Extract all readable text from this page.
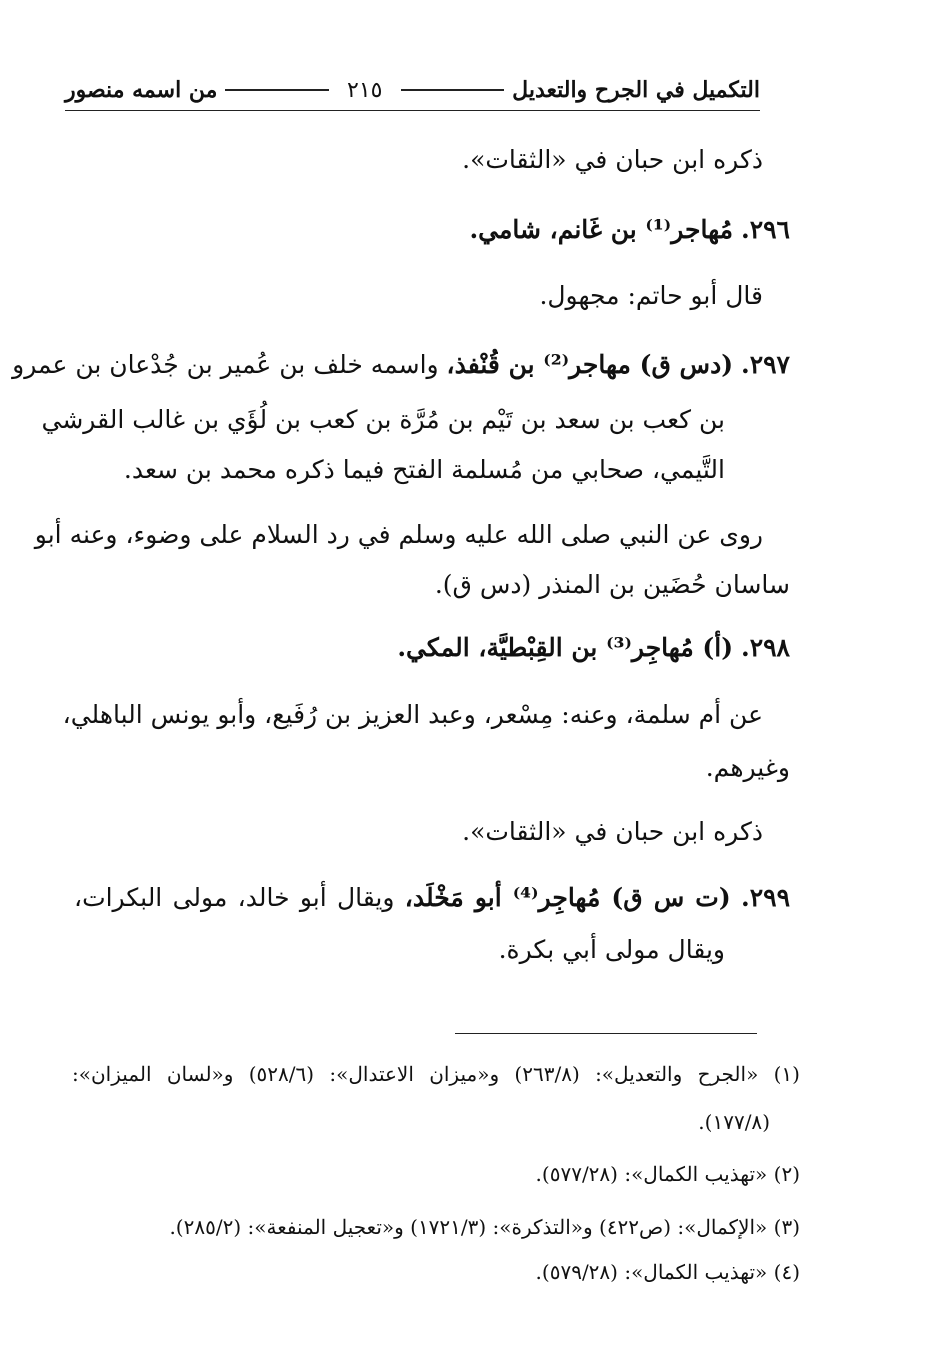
التكميل في الجرح والتعديل
٢١٥
من اسمه منصور
ذكره ابن حبان في «الثقات».
٢٩٦. مُهاجر⁽¹⁾ بن غَانم، شامي.
قال أبو حاتم: مجهول.
٢٩٧. (دس ق) مهاجر⁽²⁾ بن قُنْفذ، واسمه خلف بن عُمير بن جُدْعان بن عمرو
بن كعب بن سعد بن تَيْم بن مُرَّة بن كعب بن لُؤَي بن غالب القرشي
التَّيمي، صحابي من مُسلمة الفتح فيما ذكره محمد بن سعد.
روى عن النبي صلى الله عليه وسلم في رد السلام على وضوء، وعنه أبو
ساسان حُضَين بن المنذر (دس ق).
٢٩٨. (أ) مُهاجِر⁽³⁾ بن القِبْطيَّة، المكي.
عن أم سلمة، وعنه: مِسْعر، وعبد العزيز بن رُفَيع، وأبو يونس الباهلي،
وغيرهم.
ذكره ابن حبان في «الثقات».
٢٩٩. (ت س ق) مُهاجِر⁽⁴⁾ أبو مَخْلَد، ويقال أبو خالد، مولى البكرات،
ويقال مولى أبي بكرة.
(١) «الجرح والتعديل»: (٢٦٣/٨) و«ميزان الاعتدال»: (٥٢٨/٦) و«لسان الميزان»:
(١٧٧/٨).
(٢) «تهذيب الكمال»: (٥٧٧/٢٨).
(٣) «الإكمال»: (ص٤٢٢) و«التذكرة»: (١٧٢١/٣) و«تعجيل المنفعة»: (٢٨٥/٢).
(٤) «تهذيب الكمال»: (٥٧٩/٢٨).
